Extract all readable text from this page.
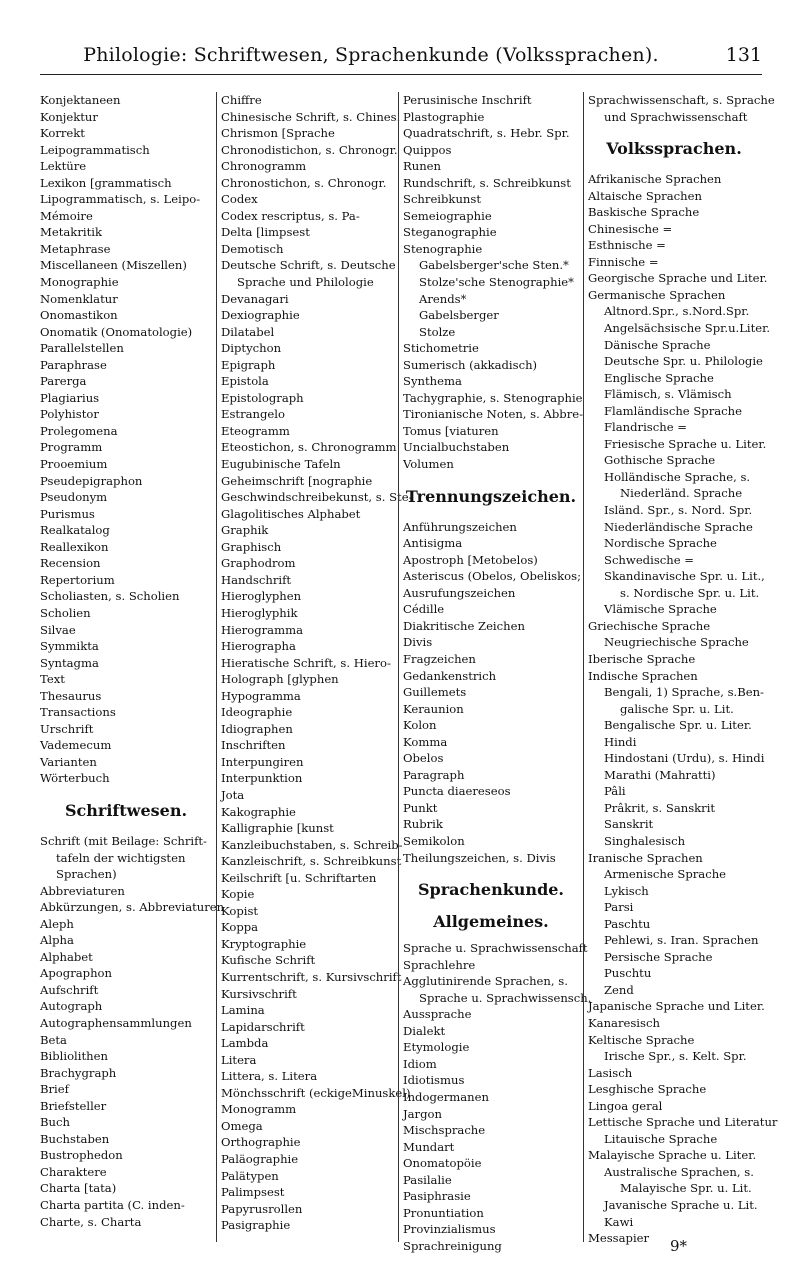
Philologie: Schriftwesen, Sprachenkunde (Volkssprachen).	131
Konjektaneen
Konjektur
Korrekt
Leipogrammatisch
Lektüre
Lexikon [grammatisch
Lipogrammatisch, s. Leipo-
Mémoire
Metakritik
Metaphrase
Miscellaneen (Miszellen)
Monographie
Nomenklatur
Onomastikon
Onomatik (Onomatologie)
Parallelstellen
Paraphrase
Parerga
Plagiarius
Polyhistor
Prolegomena
Programm
Prooemium
Pseudepigraphon
Pseudonym
Purismus
Realkatalog
Reallexikon
Recension
Repertorium
Scholiasten, s. Scholien
Scholien
Silvae
Symmikta
Syntagma
Text
Thesaurus
Transactions
Urschrift
Vademecum
Varianten
Wörterbuch
Schriftwesen.
Schrift (mit Beilage: Schrift-
tafeln der wichtigsten
Sprachen)
Abbreviaturen
Abkürzungen, s. Abbreviaturen
Aleph
Alpha
Alphabet
Apographon
Aufschrift
Autograph
Autographensammlungen
Beta
Bibliolithen
Brachygraph
Brief
Briefsteller
Buch
Buchstaben
Bustrophedon
Charaktere
Charta [tata)
Charta partita (C. inden-
Charte, s. Charta
Chiffre
Chinesische Schrift, s. Chines.
Chrismon [Sprache
Chronodistichon, s. Chronogr.
Chronogramm
Chronostichon, s. Chronogr.
Codex
Codex rescriptus, s. Pa-
Delta [limpsest
Demotisch
Deutsche Schrift, s. Deutsche
Sprache und Philologie
Devanagari
Dexiographie
Dilatabel
Diptychon
Epigraph
Epistola
Epistolograph
Estrangelo
Eteogramm
Eteostichon, s. Chronogramm
Eugubinische Tafeln
Geheimschrift [nographie
Geschwindschreibekunst, s. Ste-
Glagolitisches Alphabet
Graphik
Graphisch
Graphodrom
Handschrift
Hieroglyphen
Hieroglyphik
Hierogramma
Hierographa
Hieratische Schrift, s. Hiero-
Holograph [glyphen
Hypogramma
Ideographie
Idiographen
Inschriften
Interpungiren
Interpunktion
Jota
Kakographie
Kalligraphie [kunst
Kanzleibuchstaben, s. Schreib-
Kanzleischrift, s. Schreibkunst
Keilschrift [u. Schriftarten
Kopie
Kopist
Koppa
Kryptographie
Kufische Schrift
Kurrentschrift, s. Kursivschrift
Kursivschrift
Lamina
Lapidarschrift
Lambda
Litera
Littera, s. Litera
Mönchsschrift (eckigeMinuskel)
Monogramm
Omega
Orthographie
Paläographie
Palätypen
Palimpsest
Papyrusrollen
Pasigraphie
Perusinische Inschrift
Plastographie
Quadratschrift, s. Hebr. Spr.
Quippos
Runen
Rundschrift, s. Schreibkunst
Schreibkunst
Semeiographie
Steganographie
Stenographie
Gabelsberger'sche Sten.*
Stolze'sche Stenographie*
Arends*
Gabelsberger
Stolze
Stichometrie
Sumerisch (akkadisch)
Synthema
Tachygraphie, s. Stenographie
Tironianische Noten, s. Abbre-
Tomus [viaturen
Uncialbuchstaben
Volumen
Trennungszeichen.
Anführungszeichen
Antisigma
Apostroph [Metobelos)
Asteriscus (Obelos, Obeliskos;
Ausrufungszeichen
Cédille
Diakritische Zeichen
Divis
Fragzeichen
Gedankenstrich
Guillemets
Keraunion
Kolon
Komma
Obelos
Paragraph
Puncta diaereseos
Punkt
Rubrik
Semikolon
Theilungszeichen, s. Divis
Sprachenkunde.
Allgemeines.
Sprache u. Sprachwissenschaft
Sprachlehre
Agglutinirende Sprachen, s.
Sprache u. Sprachwissensch.
Aussprache
Dialekt
Etymologie
Idiom
Idiotismus
Indogermanen
Jargon
Mischsprache
Mundart
Onomatopöie
Pasilalie
Pasiphrasie
Pronuntiation
Provinzialismus
Sprachreinigung
Sprachwissenschaft, s. Sprache
und Sprachwissenschaft
Volkssprachen.
Afrikanische Sprachen
Altaische Sprachen
Baskische Sprache
Chinesische =
Esthnische =
Finnische =
Georgische Sprache und Liter.
Germanische Sprachen
Altnord.Spr., s.Nord.Spr.
Angelsächsische Spr.u.Liter.
Dänische Sprache
Deutsche Spr. u. Philologie
Englische Sprache
Flämisch, s. Vlämisch
Flamländische Sprache
Flandrische =
Friesische Sprache u. Liter.
Gothische Sprache
Holländische Sprache, s.
Niederländ. Sprache
Isländ. Spr., s. Nord. Spr.
Niederländische Sprache
Nordische Sprache
Schwedische =
Skandinavische Spr. u. Lit.,
s. Nordische Spr. u. Lit.
Vlämische Sprache
Griechische Sprache
Neugriechische Sprache
Iberische Sprache
Indische Sprachen
Bengali, 1) Sprache, s.Ben-
galische Spr. u. Lit.
Bengalische Spr. u. Liter.
Hindi
Hindostani (Urdu), s. Hindi
Marathi (Mahratti)
Pâli
Prâkrit, s. Sanskrit
Sanskrit
Singhalesisch
Iranische Sprachen
Armenische Sprache
Lykisch
Parsi
Paschtu
Pehlewi, s. Iran. Sprachen
Persische Sprache
Puschtu
Zend
Japanische Sprache und Liter.
Kanaresisch
Keltische Sprache
Irische Spr., s. Kelt. Spr.
Lasisch
Lesghische Sprache
Lingoa geral
Lettische Sprache und Literatur
Litauische Sprache
Malayische Sprache u. Liter.
Australische Sprachen, s.
Malayische Spr. u. Lit.
Javanische Sprache u. Lit.
Kawi
Messapier	9*
